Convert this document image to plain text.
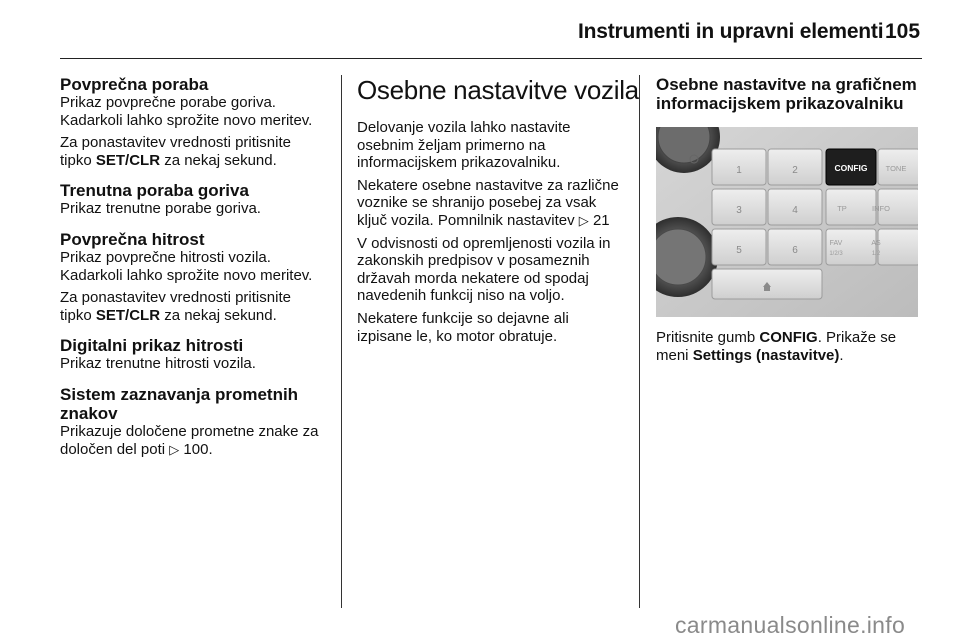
Instrumenti in upravni elementi 105
Povprečna poraba

Prikaz povprečne porabe goriva. Kadarkoli lahko sprožite novo meritev.

Za ponastavitev vrednosti pritisnite tipko SET/CLR za nekaj sekund.

Trenutna poraba goriva

Prikaz trenutne porabe goriva.

Povprečna hitrost

Prikaz povprečne hitrosti vozila. Kadarkoli lahko sprožite novo meritev.

Za ponastavitev vrednosti pritisnite tipko SET/CLR za nekaj sekund.

Digitalni prikaz hitrosti

Prikaz trenutne hitrosti vozila.

Sistem zaznavanja prometnih znakov

Prikazuje določene prometne znake za določen del poti ▷ 100.

Osebne nastavitve vozila

Delovanje vozila lahko nastavite osebnim željam primerno na informacijskem prikazovalniku.

Nekatere osebne nastavitve za različne voznike se shranijo posebej za vsak ključ vozila. Pomnilnik nastavitev ▷ 21

V odvisnosti od opremljenosti vozila in zakonskih predpisov v posameznih državah morda nekatere od spodaj navedenih funkcij niso na voljo.

Nekatere funkcije so dejavne ali izpisane le, ko motor obratuje.

Osebne nastavitve na grafičnem informacijskem prikazovalniku
1	2
3	4
5	6
CONFIG TONE
TP	INFO
FAV
1/2/3
AS
1/2

Pritisnite gumb CONFIG. Prikaže se meni Settings (nastavitve).

carmanualsonline.info
